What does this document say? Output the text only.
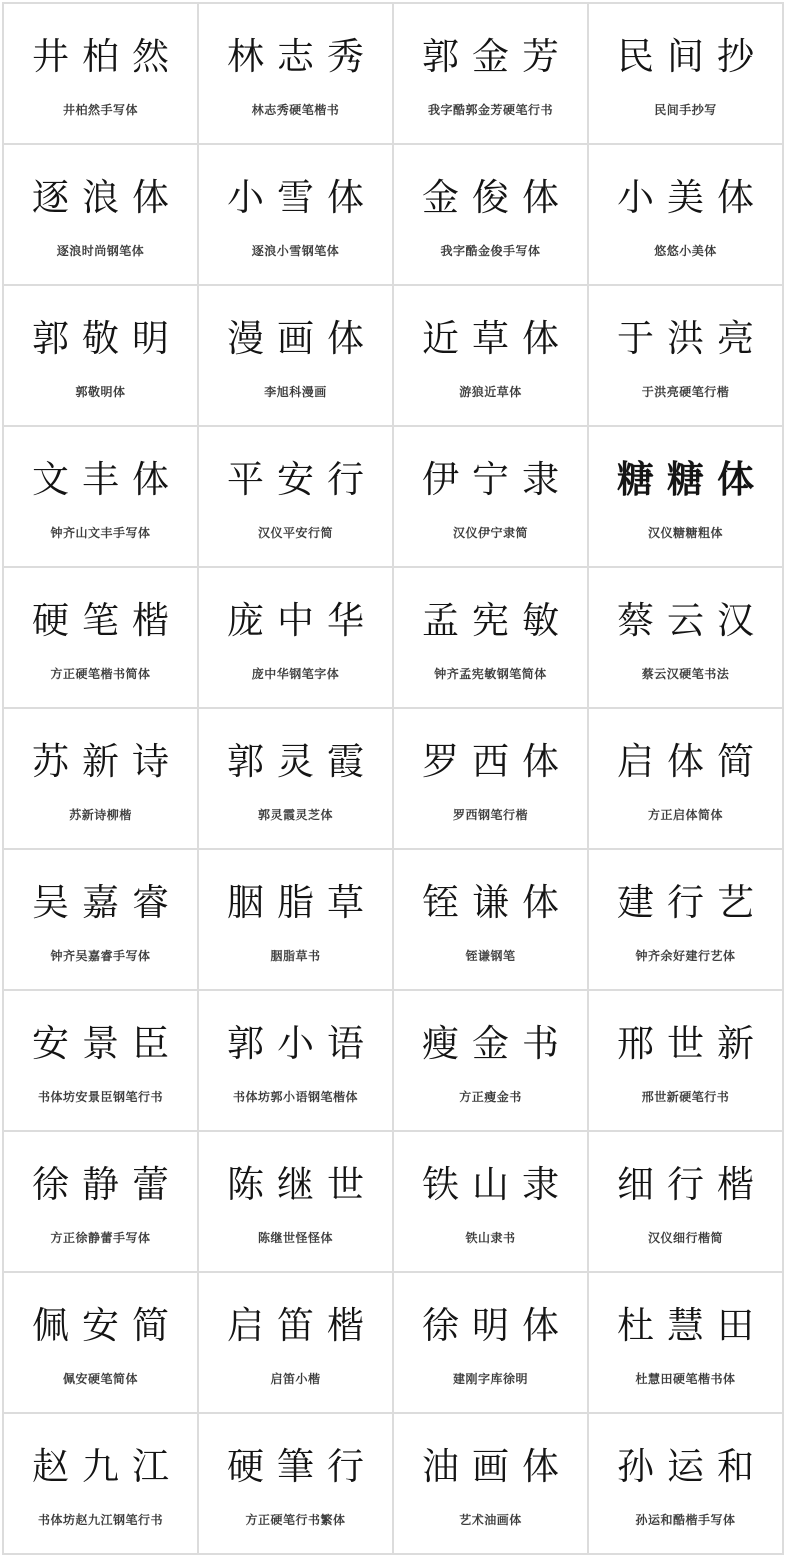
井柏然
井柏然手写体
林志秀
林志秀硬笔楷书
郭金芳
我字酷郭金芳硬笔行书
民间抄
民间手抄写
逐浪体
逐浪时尚钢笔体
小雪体
逐浪小雪钢笔体
金俊体
我字酷金俊手写体
小美体
悠悠小美体
郭敬明
郭敬明体
漫画体
李旭科漫画
近草体
游狼近草体
于洪亮
于洪亮硬笔行楷
文丰体
钟齐山文丰手写体
平安行
汉仪平安行简
伊宁隶
汉仪伊宁隶简
糖糖体
汉仪糖糖粗体
硬笔楷
方正硬笔楷书简体
庞中华
庞中华钢笔字体
孟宪敏
钟齐孟宪敏钢笔简体
蔡云汉
蔡云汉硬笔书法
苏新诗
苏新诗柳楷
郭灵霞
郭灵霞灵芝体
罗西体
罗西钢笔行楷
启体简
方正启体简体
吴嘉睿
钟齐吴嘉睿手写体
胭脂草
胭脂草书
铚谦体
铚谦钢笔
建行艺
钟齐余好建行艺体
安景臣
书体坊安景臣钢笔行书
郭小语
书体坊郭小语钢笔楷体
瘦金书
方正瘦金书
邢世新
邢世新硬笔行书
徐静蕾
方正徐静蕾手写体
陈继世
陈继世怪怪体
铁山隶
铁山隶书
细行楷
汉仪细行楷简
佩安简
佩安硬笔简体
启笛楷
启笛小楷
徐明体
建刚字库徐明
杜慧田
杜慧田硬笔楷书体
赵九江
书体坊赵九江钢笔行书
硬筆行
方正硬笔行书繁体
油画体
艺术油画体
孙运和
孙运和酷楷手写体
